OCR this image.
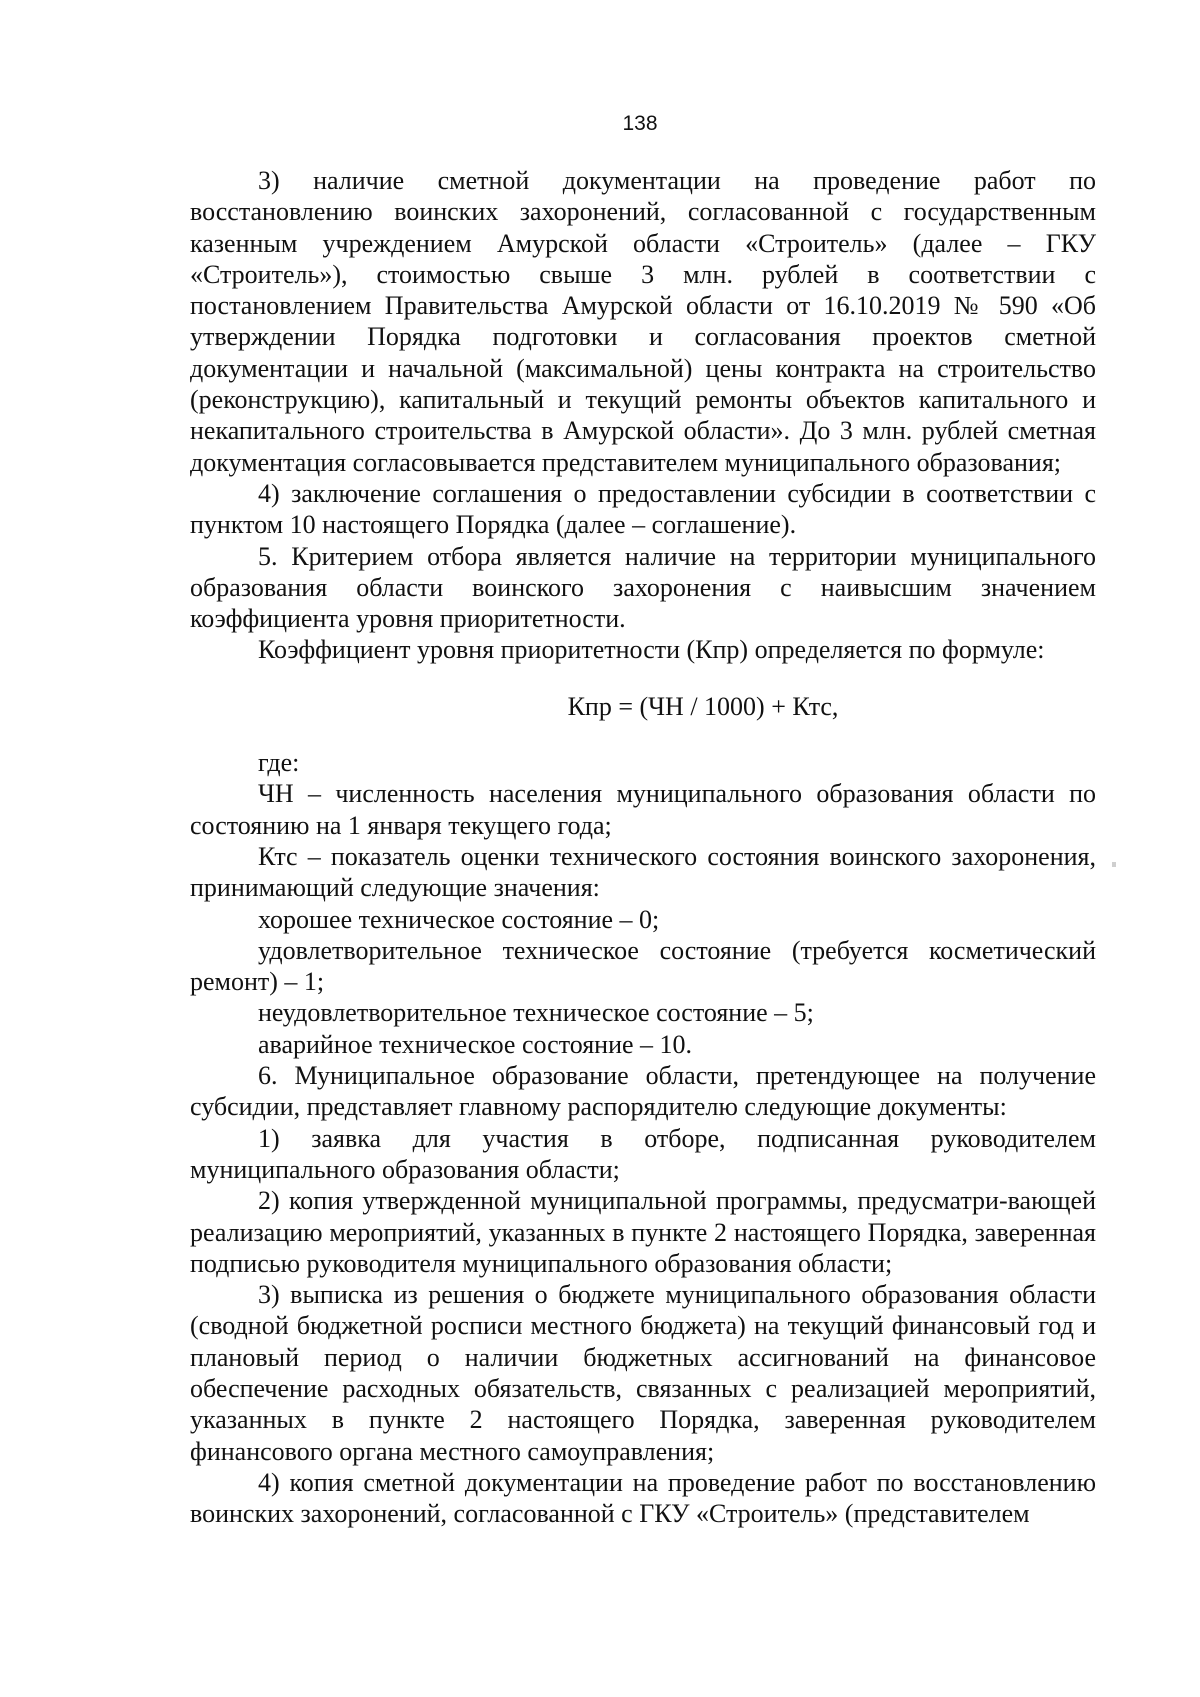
138

3) наличие сметной документации на проведение работ по восстановлению воинских захоронений, согласованной с государственным казенным учреждением Амурской области «Строитель» (далее – ГКУ «Строитель»), стоимостью свыше 3 млн. рублей в соответствии с постановлением Правительства Амурской области от 16.10.2019 № 590 «Об утверждении Порядка подготовки и согласования проектов сметной документации и начальной (максимальной) цены контракта на строительство (реконструкцию), капитальный и текущий ремонты объектов капитального и некапитального строительства в Амурской области». До 3 млн. рублей сметная документация согласовывается представителем муниципального образования;

4) заключение соглашения о предоставлении субсидии в соответствии с пунктом 10 настоящего Порядка (далее – соглашение).

5. Критерием отбора является наличие на территории муниципального образования области воинского захоронения с наивысшим значением коэффициента уровня приоритетности.

Коэффициент уровня приоритетности (Кпр) определяется по формуле:

Кпр = (ЧН / 1000) + Ктс,

где:

ЧН – численность населения муниципального образования области по состоянию на 1 января текущего года;

Ктс – показатель оценки технического состояния воинского захоронения, принимающий следующие значения:

хорошее техническое состояние – 0;

удовлетворительное техническое состояние (требуется косметический ремонт) – 1;

неудовлетворительное техническое состояние – 5;

аварийное техническое состояние – 10.

6. Муниципальное образование области, претендующее на получение субсидии, представляет главному распорядителю следующие документы:

1) заявка для участия в отборе, подписанная руководителем муниципального образования области;

2) копия утвержденной муниципальной программы, предусматри-вающей реализацию мероприятий, указанных в пункте 2 настоящего Порядка, заверенная подписью руководителя муниципального образования области;

3) выписка из решения о бюджете муниципального образования области (сводной бюджетной росписи местного бюджета) на текущий финансовый год и плановый период о наличии бюджетных ассигнований на финансовое обеспечение расходных обязательств, связанных с реализацией мероприятий, указанных в пункте 2 настоящего Порядка, заверенная руководителем финансового органа местного самоуправления;

4) копия сметной документации на проведение работ по восстановлению воинских захоронений, согласованной с ГКУ «Строитель» (представителем
